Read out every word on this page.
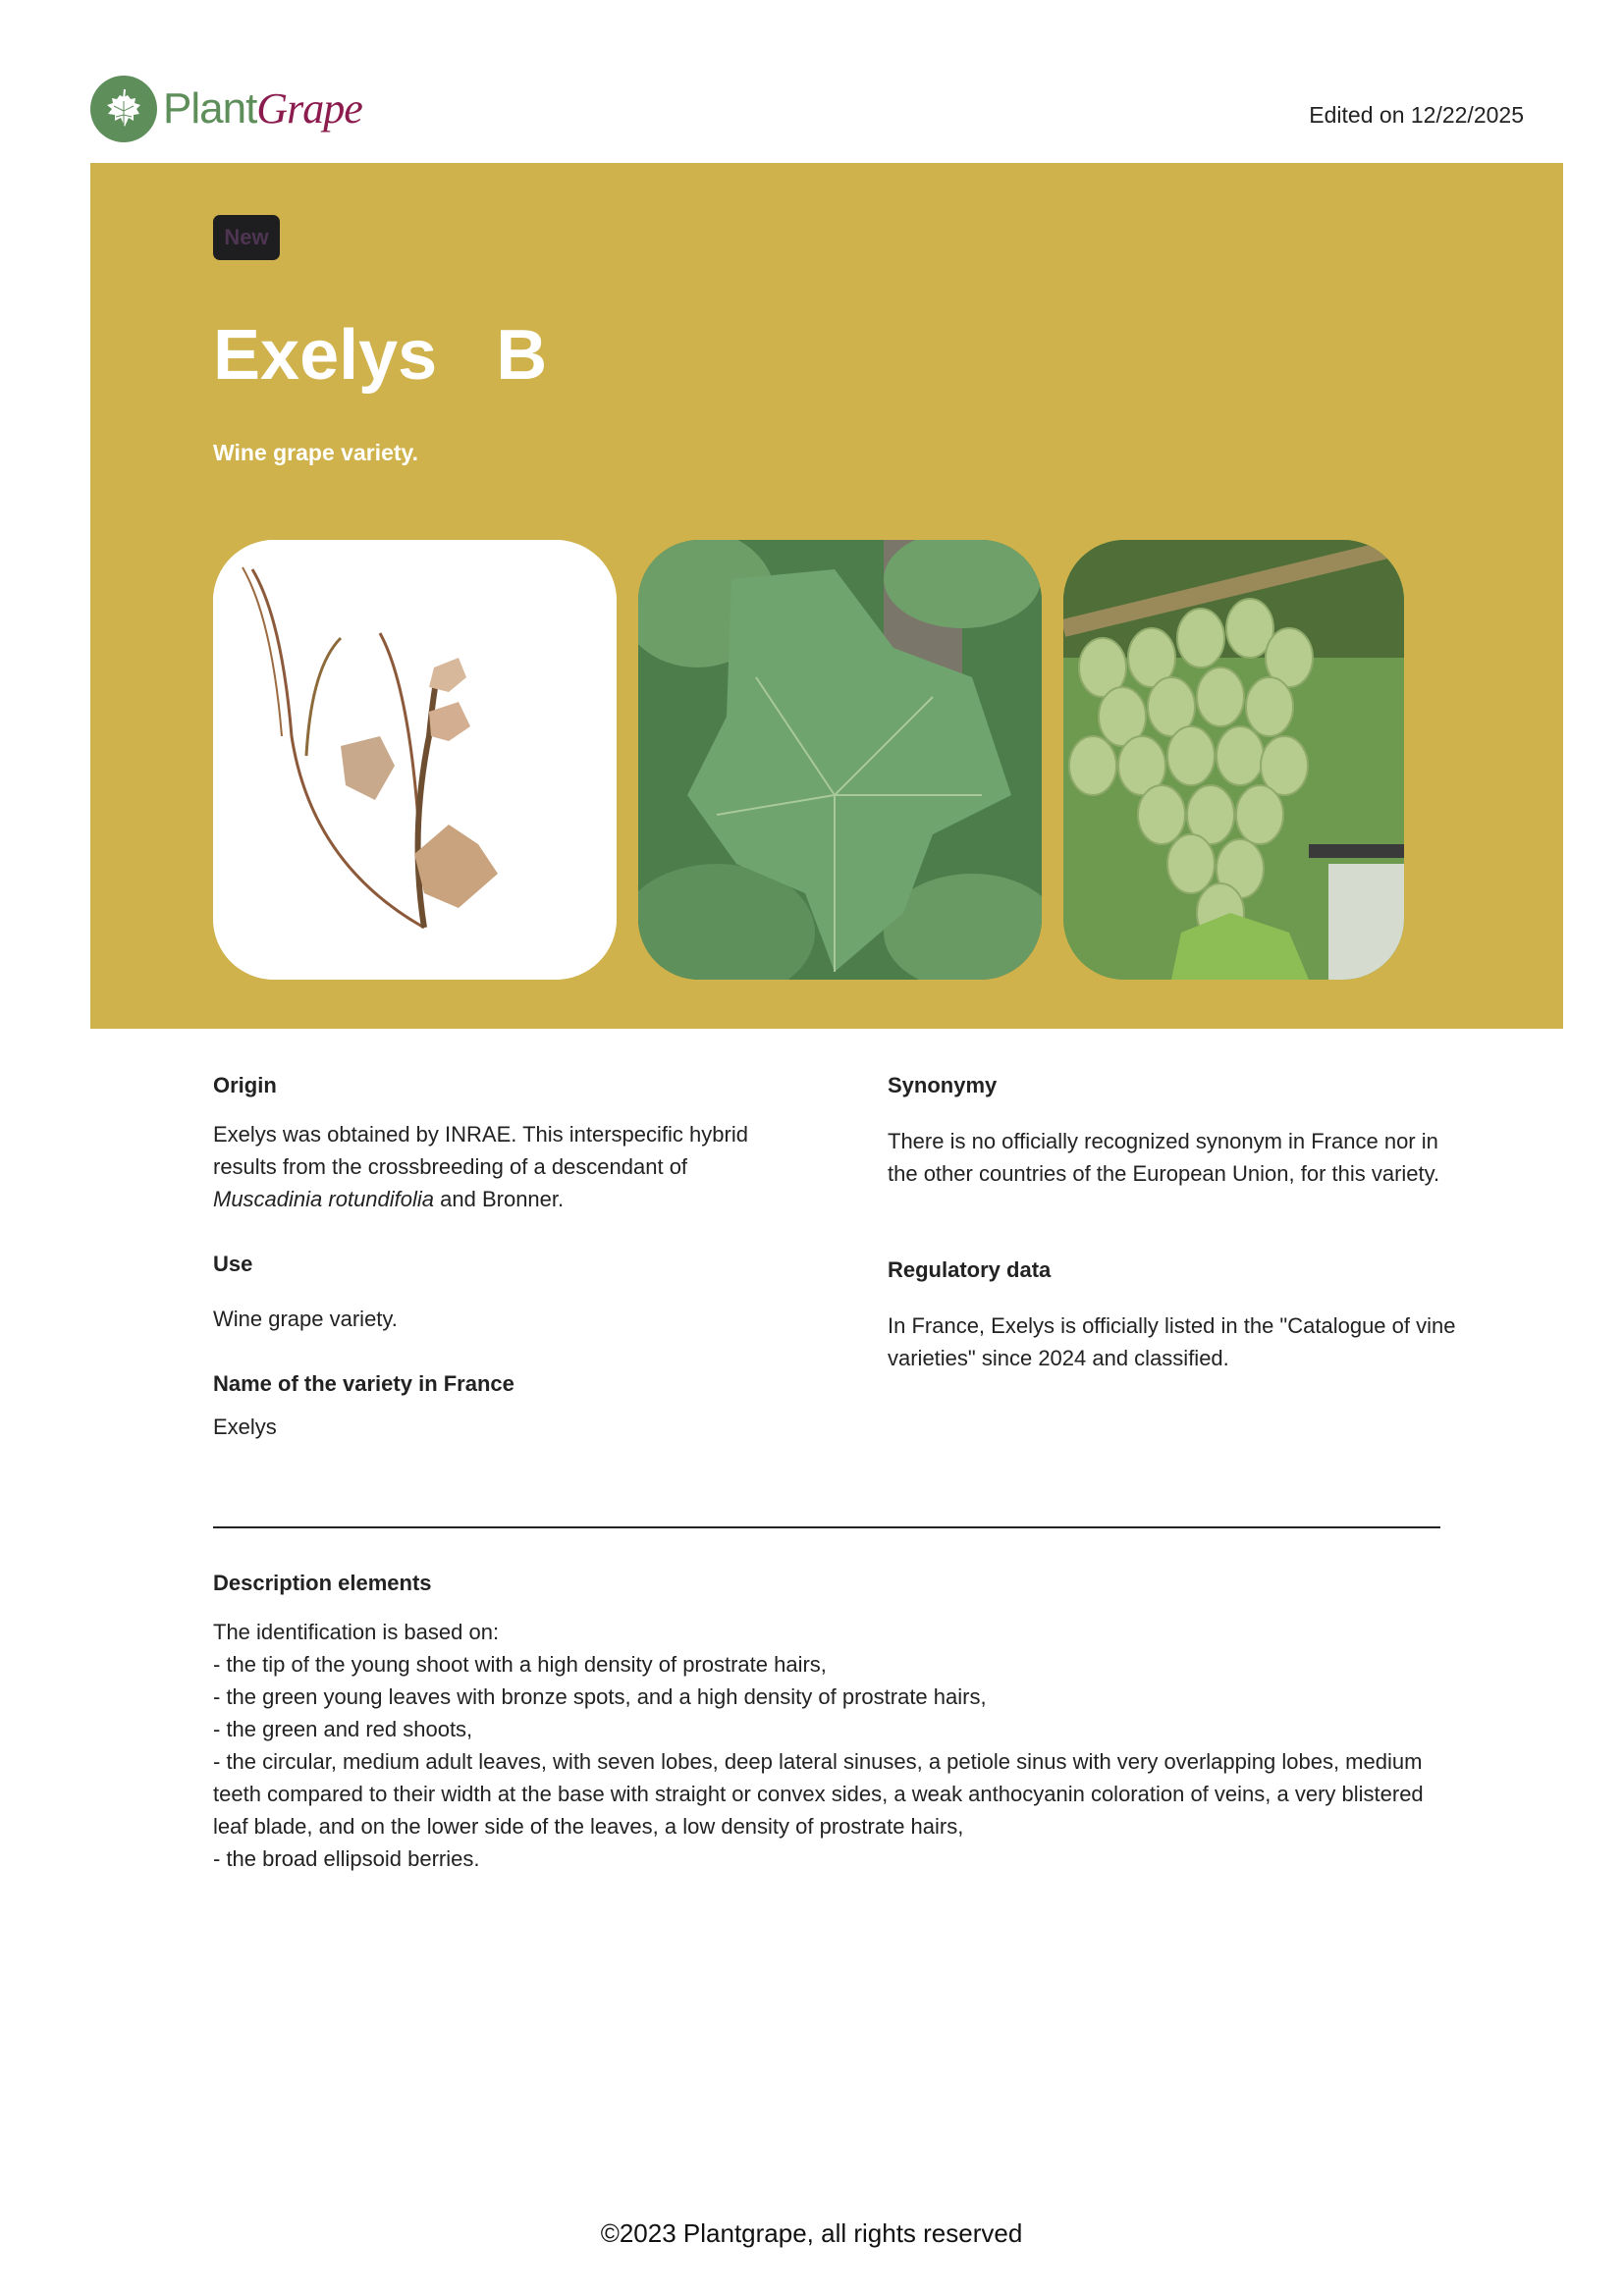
PlantGrape	Edited on 12/22/2025
New
Exelys B
Wine grape variety.
Origin

Exelys was obtained by INRAE. This interspecific hybrid results from the crossbreeding of a descendant of Muscadinia rotundifolia and Bronner.

Use

Wine grape variety.

Name of the variety in France

Exelys

Synonymy

There is no officially recognized synonym in France nor in the other countries of the European Union, for this variety.

Regulatory data

In France, Exelys is officially listed in the "Catalogue of vine varieties" since 2024 and classified.

Description elements

The identification is based on:

- the tip of the young shoot with a high density of prostrate hairs,

- the green young leaves with bronze spots, and a high density of prostrate hairs,

- the green and red shoots,

- the circular, medium adult leaves, with seven lobes, deep lateral sinuses, a petiole sinus with very overlapping lobes, medium teeth compared to their width at the base with straight or convex sides, a weak anthocyanin coloration of veins, a very blistered leaf blade, and on the lower side of the leaves, a low density of prostrate hairs,

- the broad ellipsoid berries.

©2023 Plantgrape, all rights reserved
